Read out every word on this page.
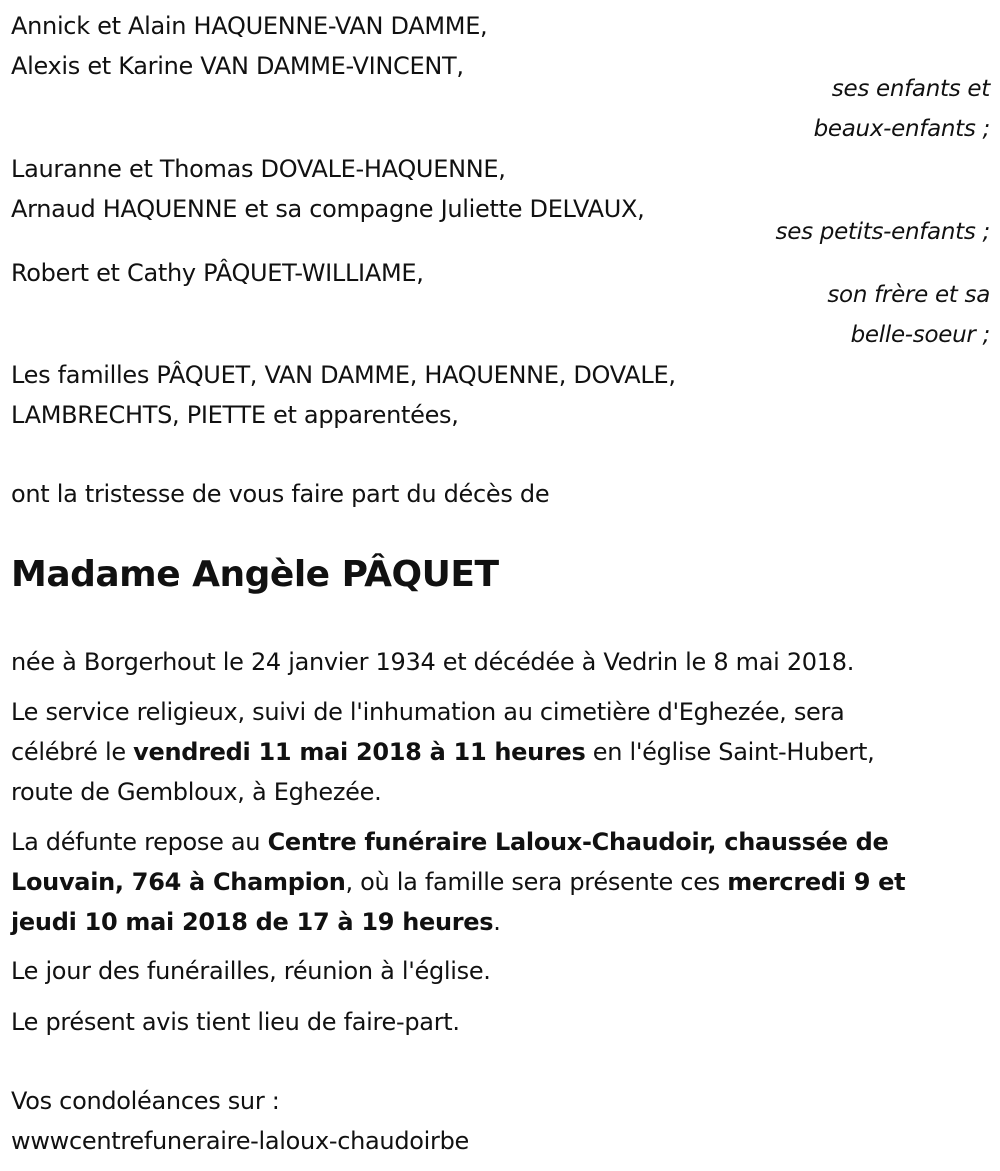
Annick et Alain HAQUENNE-VAN DAMME,
Alexis et Karine VAN DAMME-VINCENT,
ses enfants et
beaux-enfants ;
Lauranne et Thomas DOVALE-HAQUENNE,
Arnaud HAQUENNE et sa compagne Juliette DELVAUX,
ses petits-enfants ;
Robert et Cathy PÂQUET-WILLIAME,
son frère et sa
belle-soeur ;
Les familles PÂQUET, VAN DAMME, HAQUENNE, DOVALE,
LAMBRECHTS, PIETTE et apparentées,
ont la tristesse de vous faire part du décès de
Madame Angèle PÂQUET
née à Borgerhout le 24 janvier 1934 et décédée à Vedrin le 8 mai 2018.
Le service religieux, suivi de l'inhumation au cimetière d'Eghezée, sera
célébré le vendredi 11 mai 2018 à 11 heures en l'église Saint-Hubert,
route de Gembloux, à Eghezée.
La défunte repose au Centre funéraire Laloux-Chaudoir, chaussée de
Louvain, 764 à Champion, où la famille sera présente ces mercredi 9 et
jeudi 10 mai 2018 de 17 à 19 heures.
Le jour des funérailles, réunion à l'église.
Le présent avis tient lieu de faire-part.
Vos condoléances sur :
wwwcentrefuneraire-laloux-chaudoirbe
